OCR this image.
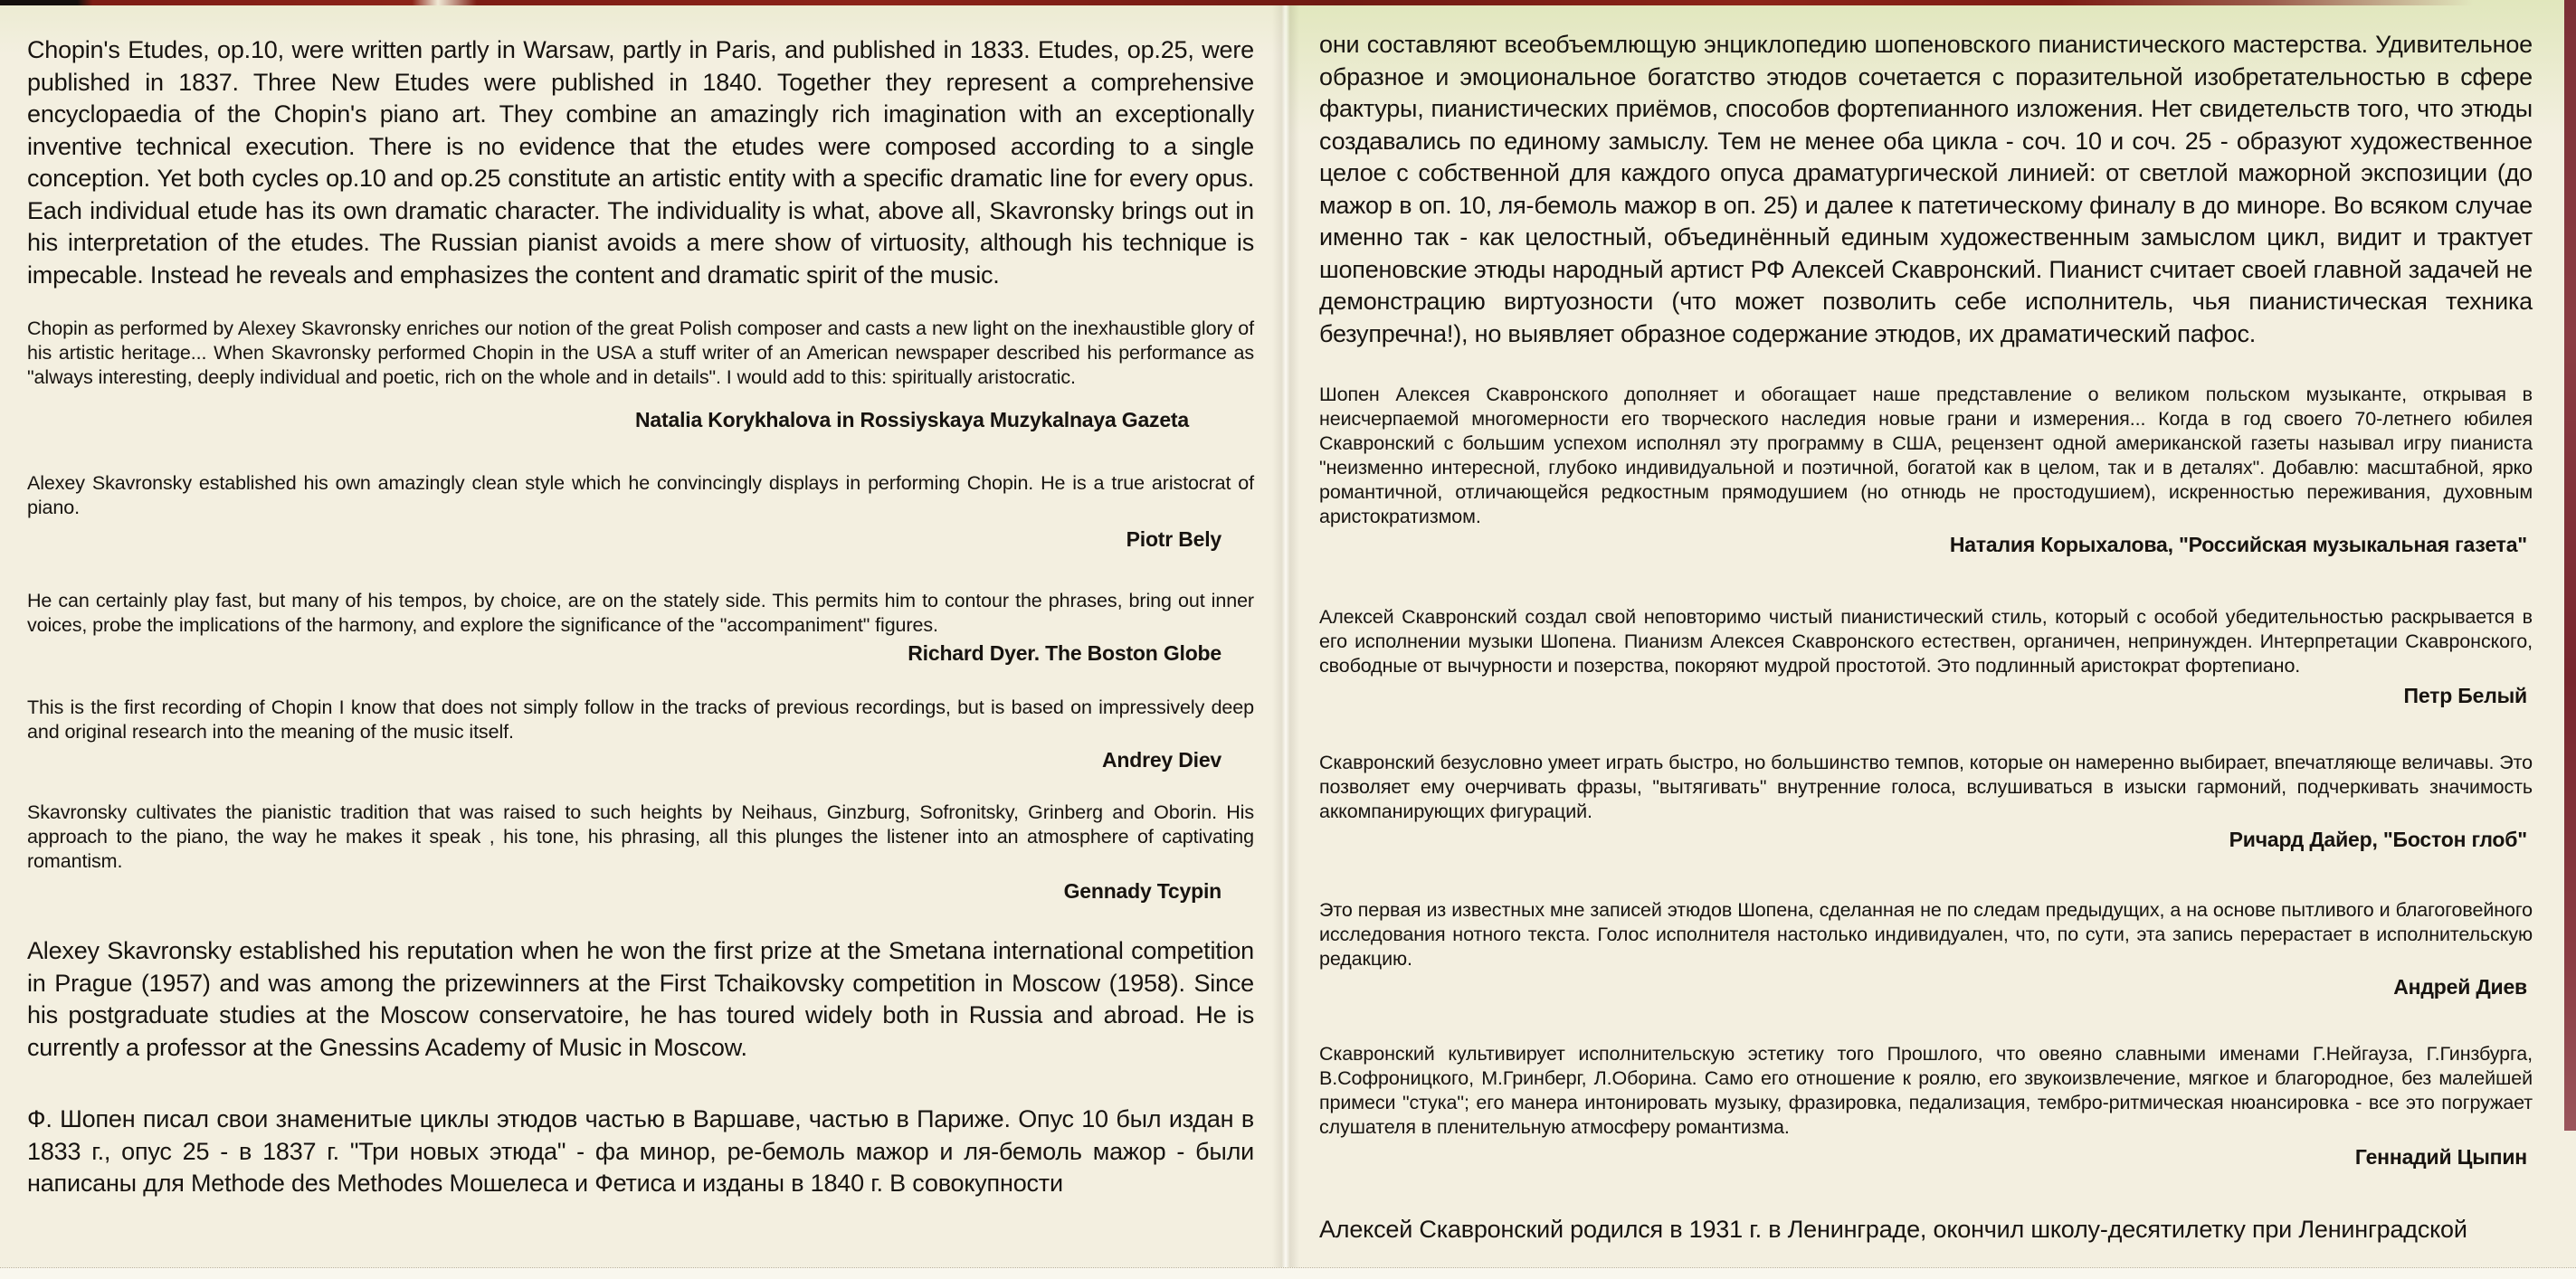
Chopin's Etudes, op.10, were written partly in Warsaw, partly in Paris, and published in 1833. Etudes, op.25, were published in 1837. Three New Etudes were published in 1840. Together they represent a comprehensive encyclopaedia of the Chopin's piano art. They combine an amazingly rich imagination with an exceptionally inventive technical execution. There is no evidence that the etudes were composed according to a single conception. Yet both cycles op.10 and op.25 constitute an artistic entity with a specific dramatic line for every opus. Each individual etude has its own dramatic character. The individuality is what, above all, Skavronsky brings out in his interpretation of the etudes. The Russian pianist avoids a mere show of virtuosity, although his technique is impecable. Instead he reveals and emphasizes the content and dramatic spirit of the music.

Chopin as performed by Alexey Skavronsky enriches our notion of the great Polish composer and casts a new light on the inexhaustible glory of his artistic heritage... When Skavronsky performed Chopin in the USA a stuff writer of an American newspaper described his performance as "always interesting, deeply individual and poetic, rich on the whole and in details". I would add to this: spiritually aristocratic.

Natalia Korykhalova in Rossiyskaya Muzykalnaya Gazeta

Alexey Skavronsky established his own amazingly clean style which he convincingly displays in performing Chopin. He is a true aristocrat of piano.

Piotr Bely

He can certainly play fast, but many of his tempos, by choice, are on the stately side. This permits him to contour the phrases, bring out inner voices, probe the implications of the harmony, and explore the significance of the "accompaniment" figures.

Richard Dyer. The Boston Globe

This is the first recording of Chopin I know that does not simply follow in the tracks of previous recordings, but is based on impressively deep and original research into the meaning of the music itself.

Andrey Diev

Skavronsky cultivates the pianistic tradition that was raised to such heights by Neihaus, Ginzburg, Sofronitsky, Grinberg and Oborin. His approach to the piano, the way he makes it speak , his tone, his phrasing, all this plunges the listener into an atmosphere of captivating romantism.

Gennady Tcypin

Alexey Skavronsky established his reputation when he won the first prize at the Smetana international competition in Prague (1957) and was among the prizewinners at the First Tchaikovsky competition in Moscow (1958). Since his postgraduate studies at the Moscow conservatoire, he has toured widely both in Russia and abroad. He is currently a professor at the Gnessins Academy of Music in Moscow.

Ф. Шопен писал свои знаменитые циклы этюдов частью в Варшаве, частью в Париже. Опус 10 был издан в 1833 г., опус 25 - в 1837 г. "Три новых этюда" - фа минор, ре-бемоль мажор и ля-бемоль мажор - были написаны для Methode des Methodes Мошелеса и Фетиса и изданы в 1840 г. В совокупности

они составляют всеобъемлющую энциклопедию шопеновского пианистического мастерства. Удивительное образное и эмоциональное богатство этюдов сочетается с поразительной изобретательностью в сфере фактуры, пианистических приёмов, способов фортепианного изложения. Нет свидетельств того, что этюды создавались по единому замыслу. Тем не менее оба цикла - соч. 10 и соч. 25 - образуют художественное целое с собственной для каждого опуса драматургической линией: от светлой мажорной экспозиции (до мажор в оп. 10, ля-бемоль мажор в оп. 25) и далее к патетическому финалу в до миноре. Во всяком случае именно так - как целостный, объединённый единым художественным замыслом цикл, видит и трактует шопеновские этюды народный артист РФ Алексей Скавронский. Пианист считает своей главной задачей не демонстрацию виртуозности (что может позволить себе исполнитель, чья пианистическая техника безупречна!), но выявляет образное содержание этюдов, их драматический пафос.

Шопен Алексея Скавронского дополняет и обогащает наше представление о великом польском музыканте, открывая в неисчерпаемой многомерности его творческого наследия новые грани и измерения... Когда в год своего 70-летнего юбилея Скавронский с большим успехом исполнял эту программу в США, рецензент одной американской газеты называл игру пианиста "неизменно интересной, глубоко индивидуальной и поэтичной, богатой как в целом, так и в деталях". Добавлю: масштабной, ярко романтичной, отличающейся редкостным прямодушием (но отнюдь не простодушием), искренностью переживания, духовным аристократизмом.

Наталия Корыхалова, "Российская музыкальная газета"

Алексей Скавронский создал свой неповторимо чистый пианистический стиль, который с особой убедительностью раскрывается в его исполнении музыки Шопена. Пианизм Алексея Скавронского естествен, органичен, непринужден. Интерпретации Скавронского, свободные от вычурности и позерства, покоряют мудрой простотой. Это подлинный аристократ фортепиано.

Петр Белый

Скавронский безусловно умеет играть быстро, но большинство темпов, которые он намеренно выбирает, впечатляюще величавы. Это позволяет ему очерчивать фразы, "вытягивать" внутренние голоса, вслушиваться в изыски гармоний, подчеркивать значимость аккомпанирующих фигураций.

Ричард Дайер, "Бостон глоб"

Это первая из известных мне записей этюдов Шопена, сделанная не по следам предыдущих, а на основе пытливого и благоговейного исследования нотного текста. Голос исполнителя настолько индивидуален, что, по сути, эта запись перерастает в исполнительскую редакцию.

Андрей Диев

Скавронский культивирует исполнительскую эстетику того Прошлого, что овеяно славными именами Г.Нейгауза, Г.Гинзбурга, В.Софроницкого, М.Гринберг, Л.Оборина. Само его отношение к роялю, его звукоизвлечение, мягкое и благородное, без малейшей примеси "стука"; его манера интонировать музыку, фразировка, педализация, тембро-ритмическая нюансировка - все это погружает слушателя в пленительную атмосферу романтизма.

Геннадий Цыпин

Алексей Скавронский родился в 1931 г. в Ленинграде, окончил школу-десятилетку при Ленинградской
